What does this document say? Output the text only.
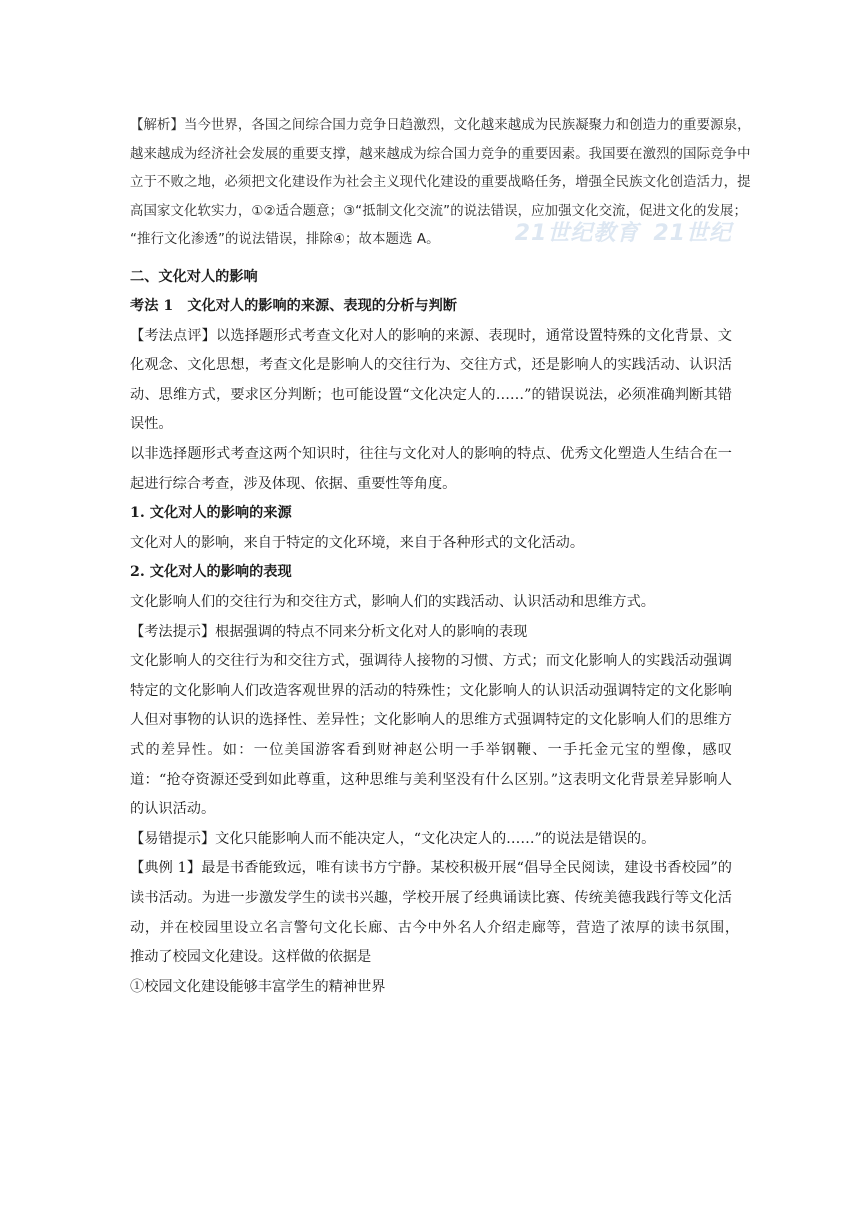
【解析】当今世界，各国之间综合国力竞争日趋激烈，文化越来越成为民族凝聚力和创造力的重要源泉，

越来越成为经济社会发展的重要支撑，越来越成为综合国力竞争的重要因素。我国要在激烈的国际竞争中

立于不败之地，必须把文化建设作为社会主义现代化建设的重要战略任务，增强全民族文化创造活力，提

高国家文化软实力，①②适合题意；③“抵制文化交流”的说法错误，应加强文化交流，促进文化的发展；

“推行文化渗透”的说法错误，排除④；故本题选 A。	21世纪教育 21世纪

二、文化对人的影响

考法 1　文化对人的影响的来源、表现的分析与判断

【考法点评】以选择题形式考查文化对人的影响的来源、表现时，通常设置特殊的文化背景、文化观念、文化思想，考查文化是影响人的交往行为、交往方式，还是影响人的实践活动、认识活动、思维方式，要求区分判断；也可能设置“文化决定人的……”的错误说法，必须准确判断其错误性。

以非选择题形式考查这两个知识时，往往与文化对人的影响的特点、优秀文化塑造人生结合在一起进行综合考查，涉及体现、依据、重要性等角度。

1. 文化对人的影响的来源

文化对人的影响，来自于特定的文化环境，来自于各种形式的文化活动。

2. 文化对人的影响的表现

文化影响人们的交往行为和交往方式，影响人们的实践活动、认识活动和思维方式。

【考法提示】根据强调的特点不同来分析文化对人的影响的表现

文化影响人的交往行为和交往方式，强调待人接物的习惯、方式；而文化影响人的实践活动强调特定的文化影响人们改造客观世界的活动的特殊性；文化影响人的认识活动强调特定的文化影响人但对事物的认识的选择性、差异性；文化影响人的思维方式强调特定的文化影响人们的思维方式的差异性。如：一位美国游客看到财神赵公明一手举钢鞭、一手托金元宝的塑像，感叹道：“抢夺资源还受到如此尊重，这种思维与美利坚没有什么区别。”这表明文化背景差异影响人的认识活动。

【易错提示】文化只能影响人而不能决定人，“文化决定人的……”的说法是错误的。

【典例 1】最是书香能致远，唯有读书方宁静。某校积极开展“倡导全民阅读，建设书香校园”的读书活动。为进一步激发学生的读书兴趣，学校开展了经典诵读比赛、传统美德我践行等文化活动，并在校园里设立名言警句文化长廊、古今中外名人介绍走廊等，营造了浓厚的读书氛围，　推动了校园文化建设。这样做的依据是

①校园文化建设能够丰富学生的精神世界
